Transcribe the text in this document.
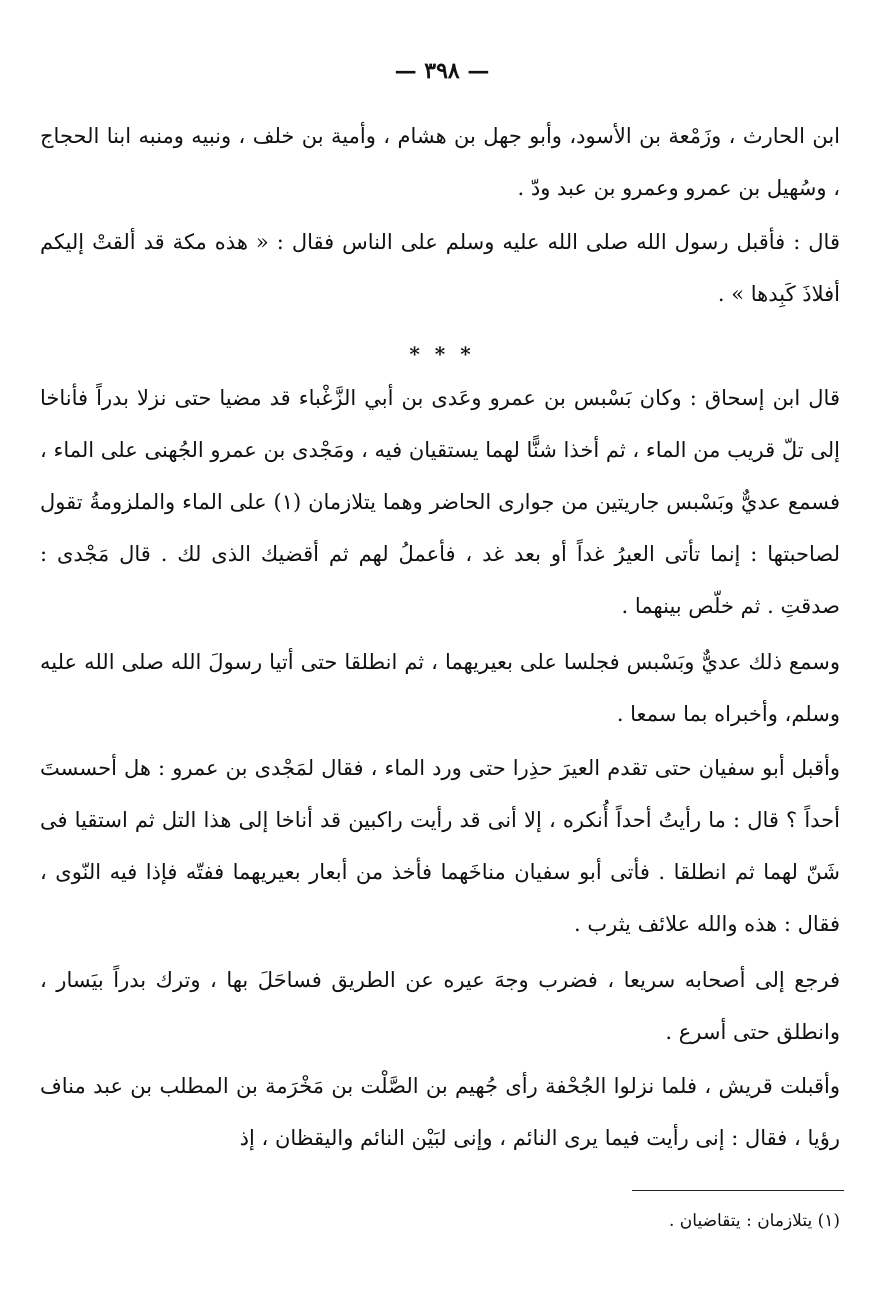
— ٣٩٨ —

ابن الحارث ، وزَمْعة بن الأسود، وأبو جهل بن هشام ، وأمية بن خلف ، ونبيه ومنبه ابنا الحجاج ، وسُهيل بن عمرو وعمرو بن عبد ودّ .

قال : فأقبل رسول الله صلى الله عليه وسلم على الناس فقال : « هذه مكة قد ألقتْ إليكم أفلاذَ كَبِدها » .

* * *

قال ابن إسحاق : وكان بَسْبس بن عمرو وعَدى بن أبي الزَّغْباء قد مضيا حتى نزلا بدراً فأناخا إلى تلّ قريب من الماء ، ثم أخذا شنًّا لهما يستقيان فيه ، ومَجْدى بن عمرو الجُهنى على الماء ، فسمع عديٌّ وبَسْبس جاريتين من جوارى الحاضر وهما يتلازمان (١) على الماء والملزومةُ تقول لصاحبتها : إنما تأتى العيرُ غداً أو بعد غد ، فأعملُ لهم ثم أقضيك الذى لك . قال مَجْدى : صدقتِ . ثم خلّص بينهما .

وسمع ذلك عديٌّ وبَسْبس فجلسا على بعيريهما ، ثم انطلقا حتى أتيا رسولَ الله صلى الله عليه وسلم، وأخبراه بما سمعا .

وأقبل أبو سفيان حتى تقدم العيرَ حذِرا حتى ورد الماء ، فقال لمَجْدى بن عمرو : هل أحسستَ أحداً ؟ قال : ما رأيتُ أحداً أُنكره ، إلا أنى قد رأيت راكبين قد أناخا إلى هذا التل ثم استقيا فى شَنّ لهما ثم انطلقا . فأتى أبو سفيان مناخَهما فأخذ من أبعار بعيريهما ففتّه فإذا فيه النّوى ، فقال : هذه والله علائف يثرب .

فرجع إلى أصحابه سريعا ، فضرب وجهَ عيره عن الطريق فساحَلَ بها ، وترك بدراً بيَسار ، وانطلق حتى أسرع .

وأقبلت قريش ، فلما نزلوا الجُحْفة رأى جُهيم بن الصَّلْت بن مَخْرَمة بن المطلب بن عبد مناف رؤيا ، فقال : إنى رأيت فيما يرى النائم ، وإنى لبَيْن النائم واليقظان ، إذ

(١) يتلازمان : يتقاضيان .
